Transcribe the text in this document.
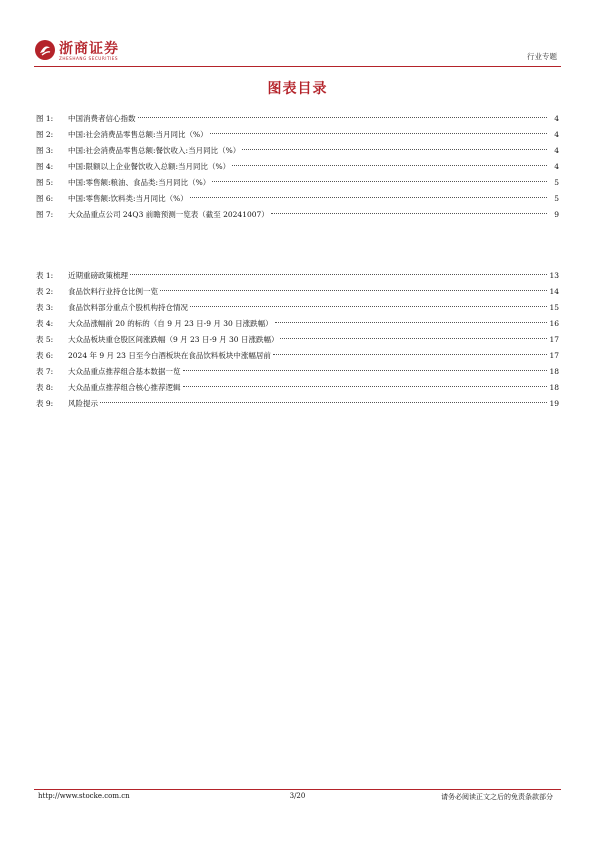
浙商证券
ZHESHANG SECURITIES	行业专题
图表目录
图 1:	中国消费者信心指数	4
图 2:	中国:社会消费品零售总额:当月同比（%）	4
图 3:	中国:社会消费品零售总额:餐饮收入:当月同比（%）	4
图 4:	中国:限额以上企业餐饮收入总额:当月同比（%）	4
图 5:	中国:零售额:粮油、食品类:当月同比（%）	5
图 6:	中国:零售额:饮料类:当月同比（%）	5
图 7:	大众品重点公司 24Q3 前瞻预测一览表（截至 20241007）	9
表 1:	近期重磅政策梳理	13
表 2:	食品饮料行业持仓比例一览	14
表 3:	食品饮料部分重点个股机构持仓情况	15
表 4:	大众品涨幅前 20 的标的（自 9 月 23 日-9 月 30 日涨跌幅）	16
表 5:	大众品板块重仓股区间涨跌幅（9 月 23 日-9 月 30 日涨跌幅）	17
表 6:	2024 年 9 月 23 日至今白酒板块在食品饮料板块中涨幅居前	17
表 7:	大众品重点推荐组合基本数据一览	18
表 8:	大众品重点推荐组合核心推荐逻辑	18
表 9:	风险提示	19
http://www.stocke.com.cn	3/20	请务必阅读正文之后的免责条款部分
